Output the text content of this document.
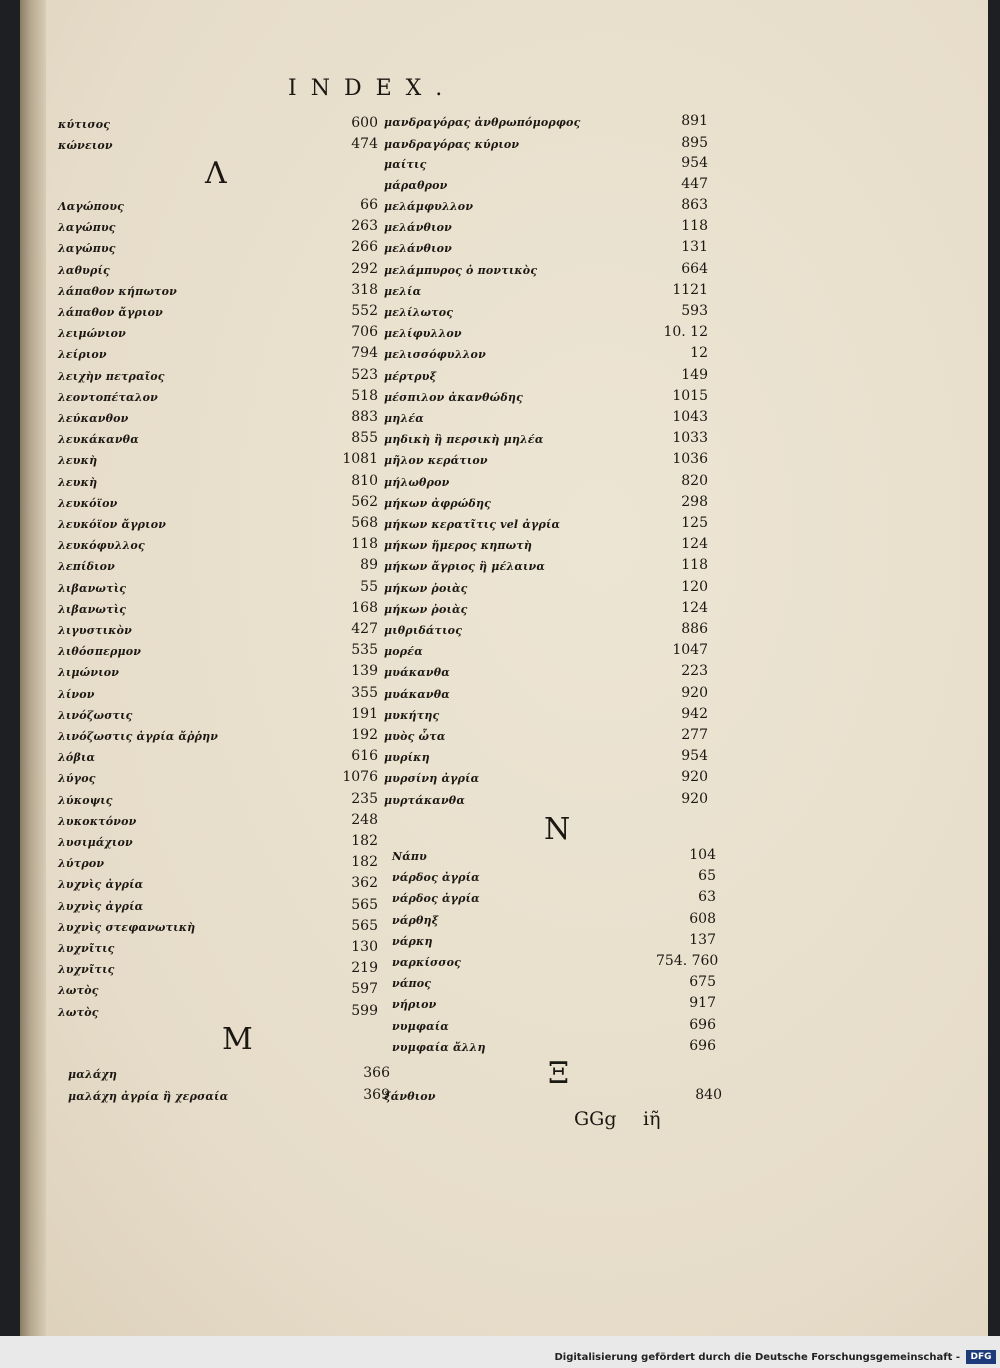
INDEX.
Λ
M
N
Ξ
κύτισος	600
κώνειον	474
Λαγώπους	66
λαγώπυς	263
λαγώπυς	266
λαθυρίς	292
λάπαθον κήπωτον	318
λάπαθον ἄγριον	552
λειμώνιον	706
λείριον	794
λειχὴν πετραῖος	523
λεοντοπέταλον	518
λεύκανθον	883
λευκάκανθα	855
λευκὴ	1081
λευκὴ	810
λευκόϊον	562
λευκόϊον ἄγριον	568
λευκόφυλλος	118
λεπίδιον	89
λιβανωτὶς	55
λιβανωτὶς	168
λιγυστικὸν	427
λιθόσπερμον	535
λιμώνιον	139
λίνον	355
λινόζωστις	191
λινόζωστις ἀγρία ἄῤῥην	192
λόβια	616
λύγος	1076
λύκοψις	235
λυκοκτόνον	248
λυσιμάχιον	182
λύτρον	182
λυχνὶς ἀγρία	362
λυχνὶς ἀγρία	565
λυχνὶς στεφανωτικὴ	565
λυχνῖτις	130
λυχνῖτις	219
λωτὸς	597
λωτὸς	599
μαλάχη	366
μαλάχη ἀγρία ἢ χερσαία	369
μανδραγόρας ἀνθρωπόμορφος	891
μανδραγόρας κύριον	895
μαίτις	954
μάραθρον	447
μελάμφυλλον	863
μελάνθιον	118
μελάνθιον	131
μελάμπυρος ὁ ποντικὸς	664
μελία	1121
μελίλωτος	593
μελίφυλλον	10. 12
μελισσόφυλλον	12
μέρτρυξ	149
μέσπιλον ἀκανθώδης	1015
μηλέα	1043
μηδικὴ ἢ περσικὴ μηλέα	1033
μῆλον κεράτιον	1036
μήλωθρον	820
μήκων ἀφρώδης	298
μήκων κερατῖτις vel ἀγρία	125
μήκων ἥμερος κηπωτὴ	124
μήκων ἄγριος ἢ μέλαινα	118
μήκων ῥοιὰς	120
μήκων ῥοιὰς	124
μιθριδάτιος	886
μορέα	1047
μυάκανθα	223
μυάκανθα	920
μυκήτης	942
μυὸς ὦτα	277
μυρίκη	954
μυρσίνη ἀγρία	920
μυρτάκανθα	920
Νάπυ	104
νάρδος ἀγρία	65
νάρδος ἀγρία	63
νάρθηξ	608
νάρκη	137
ναρκίσσος	754. 760
νάπος	675
νήριον	917
νυμφαία	696
νυμφαία ἄλλη	696
ξάνθιον	840
GGg iῆ
Digitalisierung gefördert durch die Deutsche Forschungsgemeinschaft -	DFG
